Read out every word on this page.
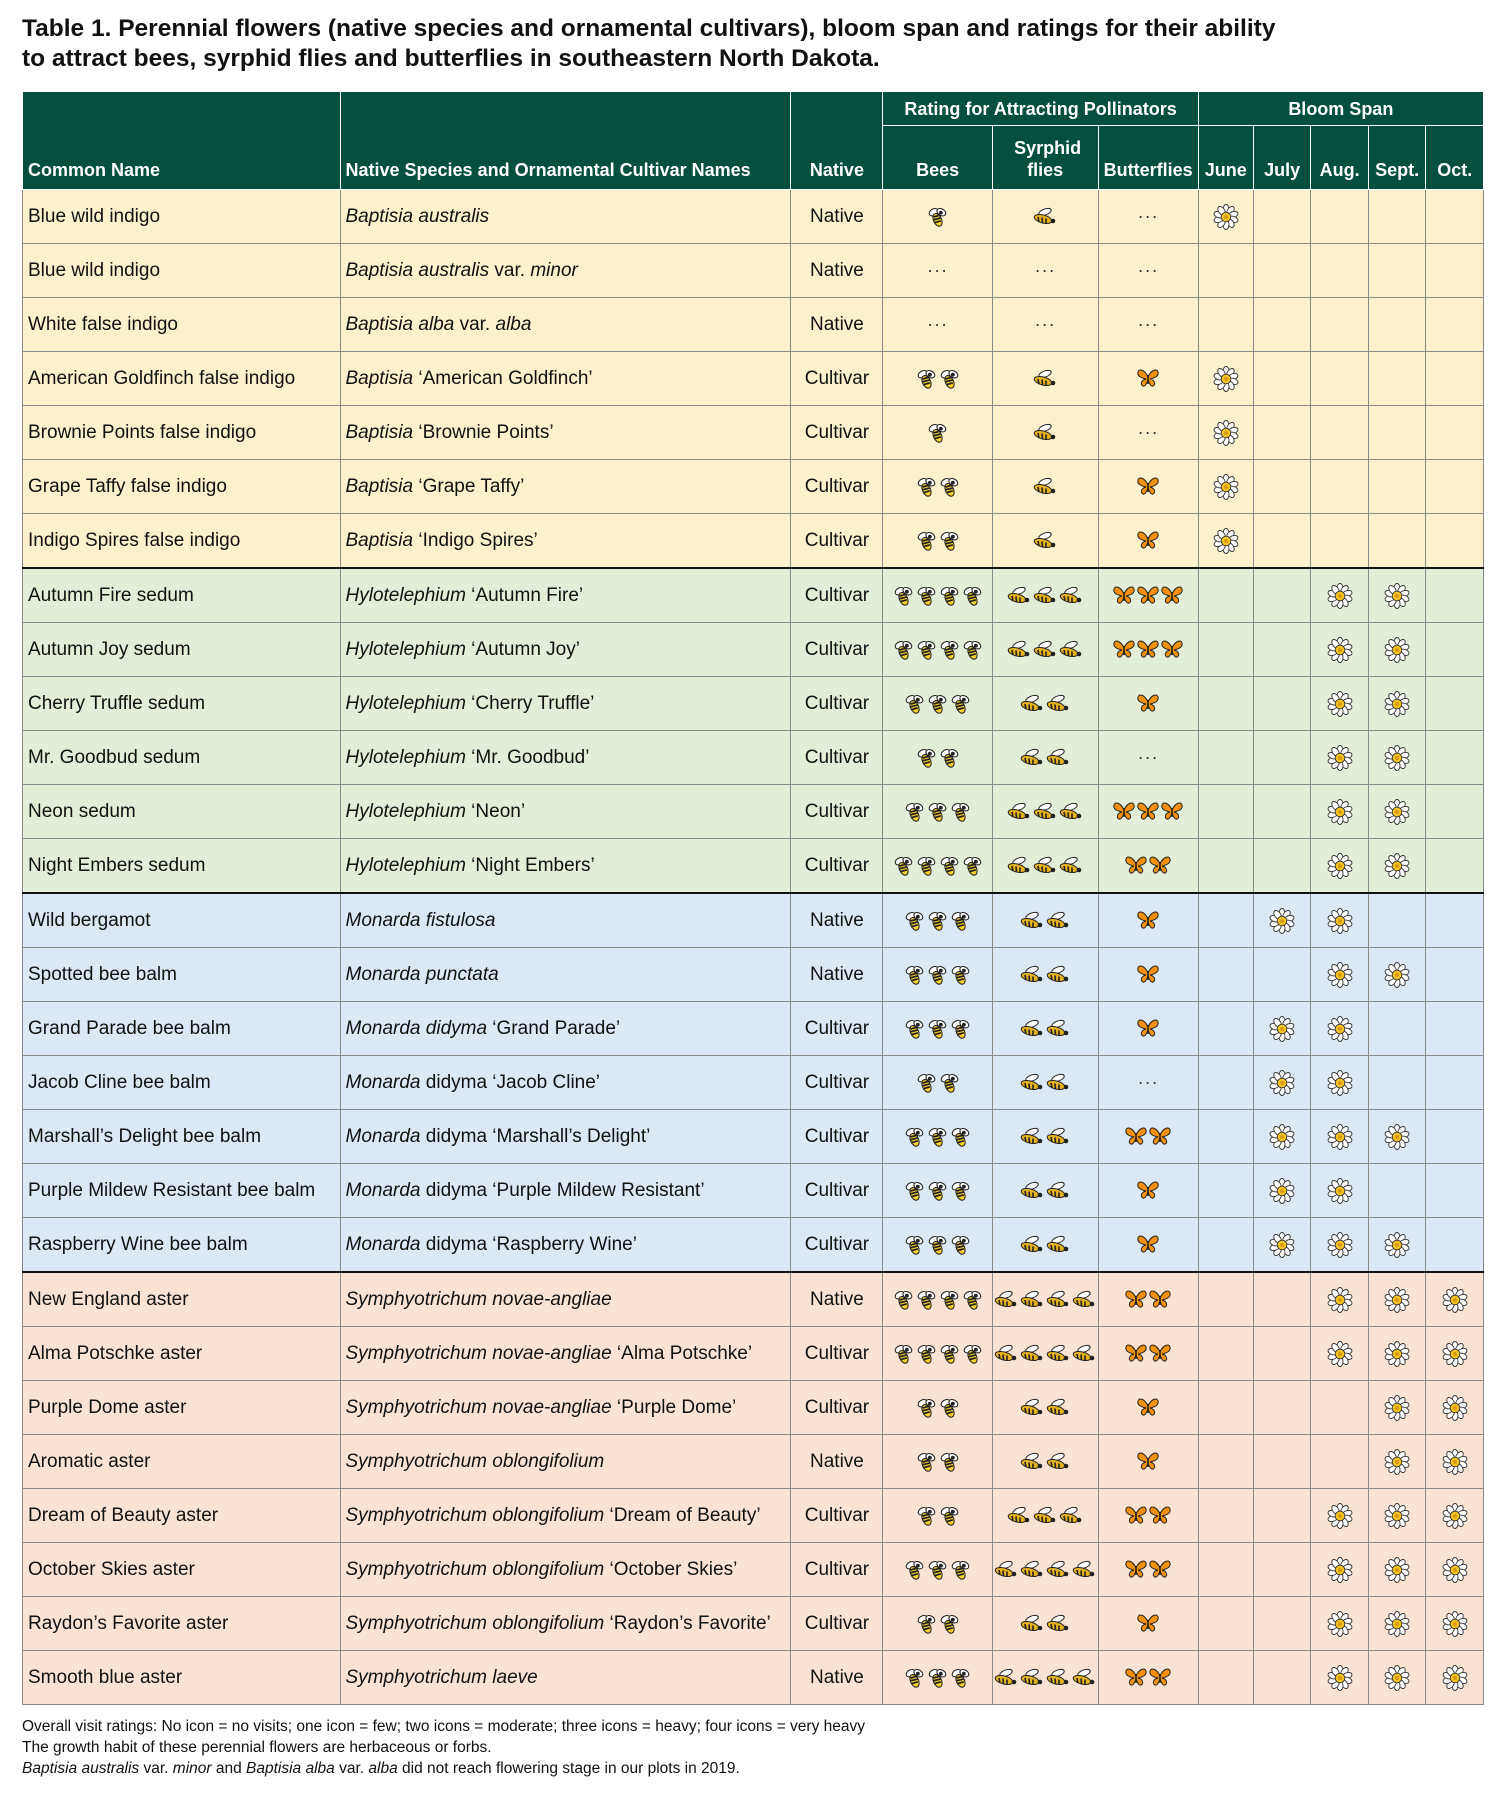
Table 1. Perennial flowers (native species and ornamental cultivars), bloom span and ratings for their ability
to attract bees, syrphid flies and butterflies in southeastern North Dakota.
Common Name	Native Species and Ornamental Cultivar Names	Native	Rating for Attracting Pollinators			Bloom Span				
			Bees	Syrphid flies	Butterflies	June	July	Aug.	Sept.	Oct.
Blue wild indigo	Baptisia australis	Native			···					
Blue wild indigo	Baptisia australis var. minor	Native	···	···	···					
White false indigo	Baptisia alba var. alba	Native	···	···	···					
American Goldfinch false indigo	Baptisia ‘American Goldfinch’	Cultivar								
Brownie Points false indigo	Baptisia ‘Brownie Points’	Cultivar			···					
Grape Taffy false indigo	Baptisia ‘Grape Taffy’	Cultivar								
Indigo Spires false indigo	Baptisia ‘Indigo Spires’	Cultivar								
Autumn Fire sedum	Hylotelephium ‘Autumn Fire’	Cultivar								
Autumn Joy sedum	Hylotelephium ‘Autumn Joy’	Cultivar								
Cherry Truffle sedum	Hylotelephium ‘Cherry Truffle’	Cultivar								
Mr. Goodbud sedum	Hylotelephium ‘Mr. Goodbud’	Cultivar			···					
Neon sedum	Hylotelephium ‘Neon’	Cultivar								
Night Embers sedum	Hylotelephium ‘Night Embers’	Cultivar								
Wild bergamot	Monarda fistulosa	Native								
Spotted bee balm	Monarda punctata	Native								
Grand Parade bee balm	Monarda didyma ‘Grand Parade’	Cultivar								
Jacob Cline bee balm	Monarda didyma ‘Jacob Cline’	Cultivar			···					
Marshall’s Delight bee balm	Monarda didyma ‘Marshall’s Delight’	Cultivar								
Purple Mildew Resistant bee balm	Monarda didyma ‘Purple Mildew Resistant’	Cultivar								
Raspberry Wine bee balm	Monarda didyma ‘Raspberry Wine’	Cultivar								
New England aster	Symphyotrichum novae-angliae	Native								
Alma Potschke aster	Symphyotrichum novae-angliae ‘Alma Potschke’	Cultivar								
Purple Dome aster	Symphyotrichum novae-angliae ‘Purple Dome’	Cultivar								
Aromatic aster	Symphyotrichum oblongifolium	Native								
Dream of Beauty aster	Symphyotrichum oblongifolium ‘Dream of Beauty’	Cultivar								
October Skies aster	Symphyotrichum oblongifolium ‘October Skies’	Cultivar								
Raydon’s Favorite aster	Symphyotrichum oblongifolium ‘Raydon’s Favorite’	Cultivar								
Smooth blue aster	Symphyotrichum laeve	Native								
Overall visit ratings: No icon = no visits; one icon = few; two icons = moderate; three icons = heavy; four icons = very heavy
The growth habit of these perennial flowers are herbaceous or forbs.
Baptisia australis var. minor and Baptisia alba var. alba did not reach flowering stage in our plots in 2019.
